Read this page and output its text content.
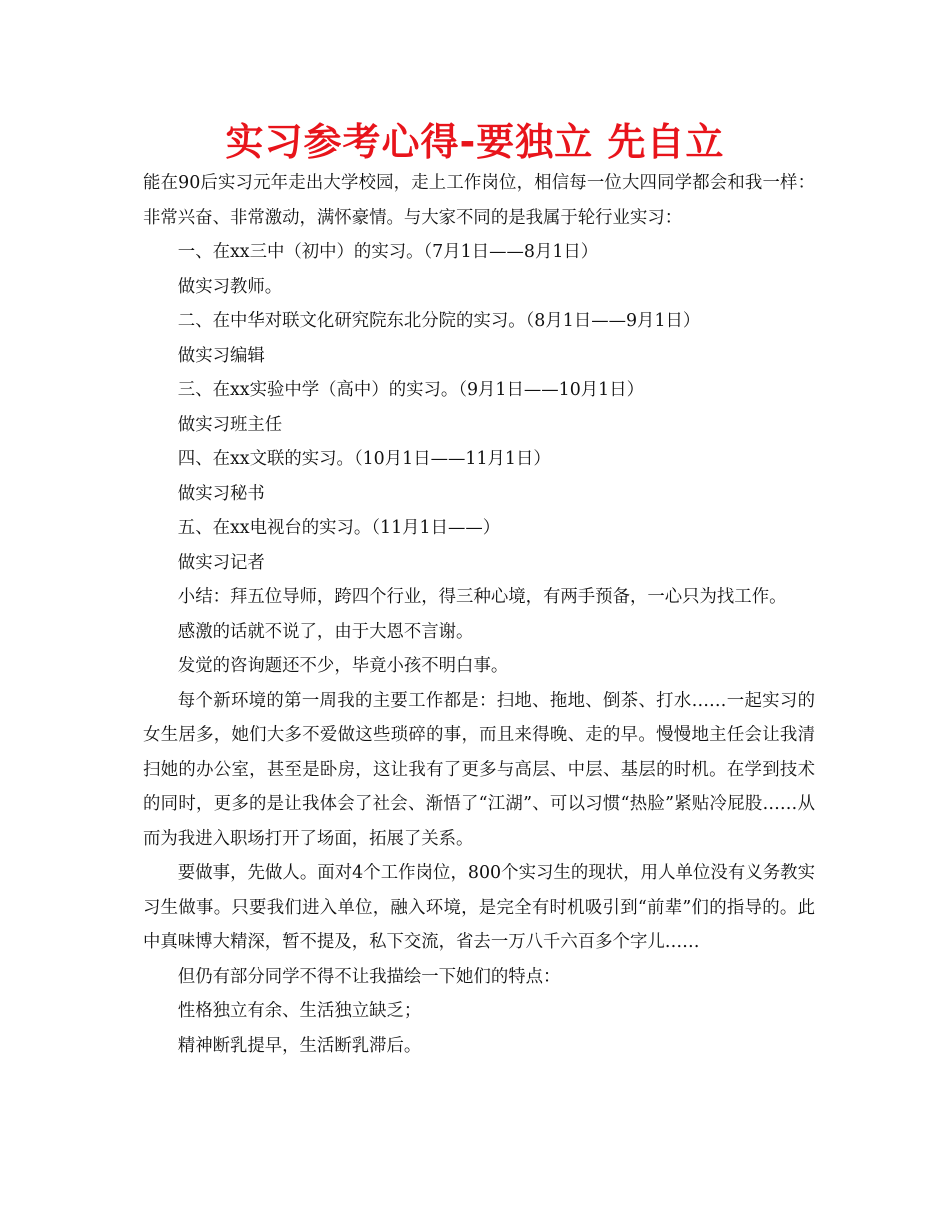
实习参考心得-要独立 先自立

能在90后实习元年走出大学校园，走上工作岗位，相信每一位大四同学都会和我一样：非常兴奋、非常激动，满怀豪情。与大家不同的是我属于轮行业实习：

一、在xx三中（初中）的实习。（7月1日——8月1日）

做实习教师。

二、在中华对联文化研究院东北分院的实习。（8月1日——9月1日）

做实习编辑

三、在xx实验中学（高中）的实习。（9月1日——10月1日）

做实习班主任

四、在xx文联的实习。（10月1日——11月1日）

做实习秘书

五、在xx电视台的实习。（11月1日——）

做实习记者

小结：拜五位导师，跨四个行业，得三种心境，有两手预备，一心只为找工作。

感激的话就不说了，由于大恩不言谢。

发觉的咨询题还不少，毕竟小孩不明白事。

每个新环境的第一周我的主要工作都是：扫地、拖地、倒茶、打水……一起实习的女生居多，她们大多不爱做这些琐碎的事，而且来得晚、走的早。慢慢地主任会让我清扫她的办公室，甚至是卧房，这让我有了更多与高层、中层、基层的时机。在学到技术的同时，更多的是让我体会了社会、渐悟了“江湖”、可以习惯“热脸”紧贴冷屁股……从而为我进入职场打开了场面，拓展了关系。

要做事，先做人。面对4个工作岗位，800个实习生的现状，用人单位没有义务教实习生做事。只要我们进入单位，融入环境，是完全有时机吸引到“前辈”们的指导的。此中真味博大精深，暂不提及，私下交流，省去一万八千六百多个字儿……

但仍有部分同学不得不让我描绘一下她们的特点：

性格独立有余、生活独立缺乏；

精神断乳提早，生活断乳滞后。
